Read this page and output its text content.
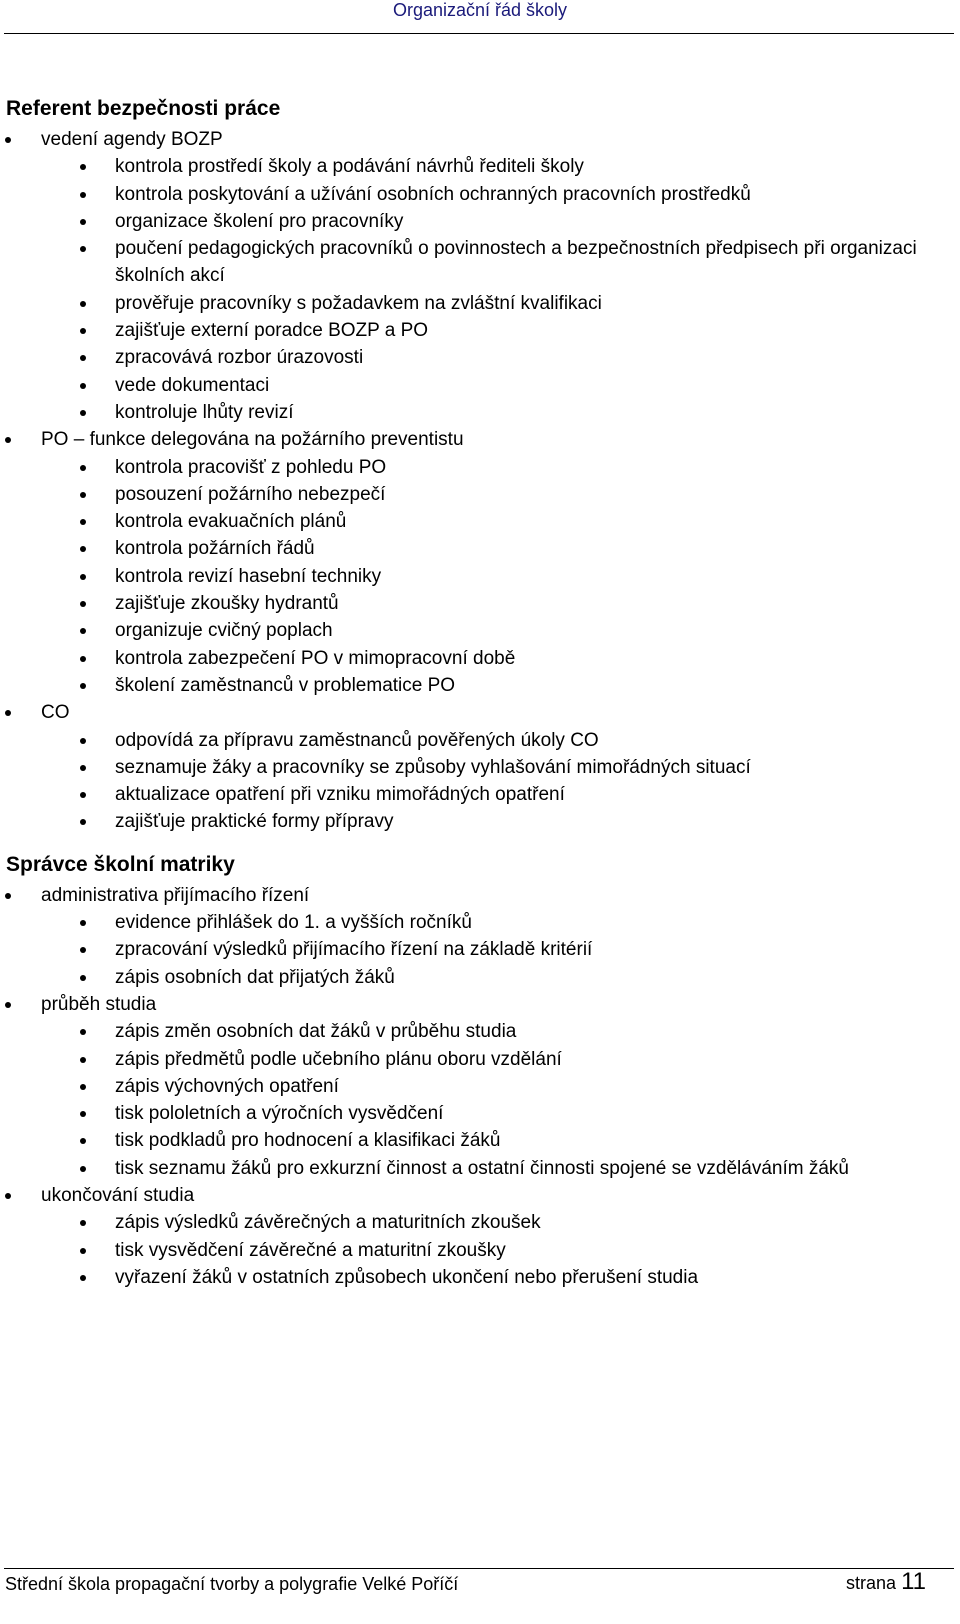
Organizační řád školy
Referent bezpečnosti práce
vedení agendy BOZP
kontrola prostředí školy a podávání návrhů řediteli školy
kontrola poskytování a užívání osobních ochranných pracovních prostředků
organizace školení pro pracovníky
poučení pedagogických pracovníků o povinnostech a bezpečnostních předpisech při organizaci školních akcí
prověřuje pracovníky s požadavkem na zvláštní kvalifikaci
zajišťuje externí poradce BOZP a PO
zpracovává rozbor úrazovosti
vede dokumentaci
kontroluje lhůty revizí
PO – funkce delegována na požárního preventistu
kontrola pracovišť z pohledu PO
posouzení požárního nebezpečí
kontrola evakuačních plánů
kontrola požárních řádů
kontrola revizí hasební techniky
zajišťuje zkoušky hydrantů
organizuje cvičný poplach
kontrola zabezpečení PO v mimopracovní době
školení zaměstnanců v problematice PO
CO
odpovídá za přípravu zaměstnanců pověřených úkoly CO
seznamuje žáky a pracovníky se způsoby vyhlašování mimořádných situací
aktualizace opatření při vzniku mimořádných opatření
zajišťuje praktické formy přípravy
Správce školní matriky
administrativa přijímacího řízení
evidence přihlášek do 1. a vyšších ročníků
zpracování výsledků přijímacího řízení na základě kritérií
zápis osobních dat přijatých žáků
průběh studia
zápis změn osobních dat žáků v průběhu studia
zápis předmětů podle učebního plánu oboru vzdělání
zápis výchovných opatření
tisk pololetních a výročních vysvědčení
tisk podkladů pro hodnocení a klasifikaci žáků
tisk seznamu žáků pro exkurzní činnost a ostatní činnosti spojené se vzděláváním žáků
ukončování studia
zápis výsledků závěrečných a maturitních zkoušek
tisk vysvědčení závěrečné a maturitní zkoušky
vyřazení žáků v ostatních způsobech ukončení nebo přerušení studia
Střední škola propagační tvorby a polygrafie Velké Poříčí	strana 11
